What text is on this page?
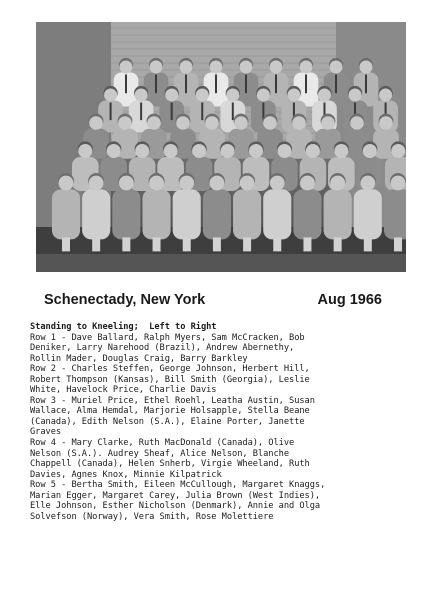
Schenectady, New York	Aug 1966
Standing to Kneeling;  Left to Right
Row 1 - Dave Ballard, Ralph Myers, Sam McCracken, Bob
Deniker, Larry Narehood (Brazil), Andrew Abernethy,
Rollin Mader, Douglas Craig, Barry Barkley
Row 2 - Charles Steffen, George Johnson, Herbert Hill,
Robert Thompson (Kansas), Bill Smith (Georgia), Leslie
White, Havelock Price, Charlie Davis
Row 3 - Muriel Price, Ethel Roehl, Leatha Austin, Susan
Wallace, Alma Hemdal, Marjorie Holsapple, Stella Beane
(Canada), Edith Nelson (S.A.), Elaine Porter, Janette
Graves
Row 4 - Mary Clarke, Ruth MacDonald (Canada), Olive
Nelson (S.A.). Audrey Sheaf, Alice Nelson, Blanche
Chappell (Canada), Helen Snherb, Virgie Wheeland, Ruth
Davies, Agnes Knox, Minnie Kilpatrick
Row 5 - Bertha Smith, Eileen McCullough, Margaret Knaggs,
Marian Egger, Margaret Carey, Julia Brown (West Indies),
Elle Johnson, Esther Nicholson (Denmark), Annie and Olga
Solvefson (Norway), Vera Smith, Rose Molettiere
